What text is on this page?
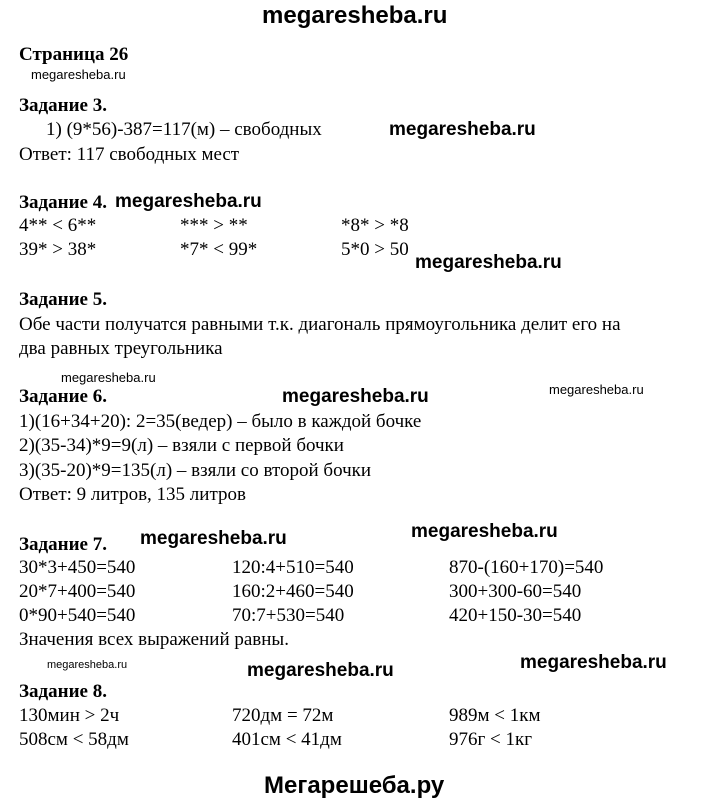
megaresheba.ru
Мегарешеба.ру
Страница 26
megaresheba.ru
Задание 3.
1) (9*56)-387=117(м) – свободных	megaresheba.ru
Ответ: 117 свободных мест
Задание 4. megaresheba.ru
4** < 6**	*** > **	*8* > *8
39* > 38*	*7* < 99*	5*0 > 50
megaresheba.ru
Задание 5.
Обе части получатся равными т.к. диагональ прямоугольника делит его на
два равных треугольника
megaresheba.ru
megaresheba.ru
Задание 6.	megaresheba.ru
1)(16+34+20): 2=35(ведер) – было в каждой бочке
2)(35-34)*9=9(л) – взяли с первой бочки
3)(35-20)*9=135(л) – взяли со второй бочки
Ответ: 9 литров, 135 литров
megaresheba.ru
Задание 7. megaresheba.ru
30*3+450=540	120:4+510=540	870-(160+170)=540
20*7+400=540	160:2+460=540	300+300-60=540
0*90+540=540	70:7+530=540	420+150-30=540
Значения всех выражений равны.
megaresheba.ru	megaresheba.ru	megaresheba.ru
Задание 8.
130мин > 2ч	720дм = 72м	989м < 1км
508см < 58дм	401см < 41дм	976г < 1кг
